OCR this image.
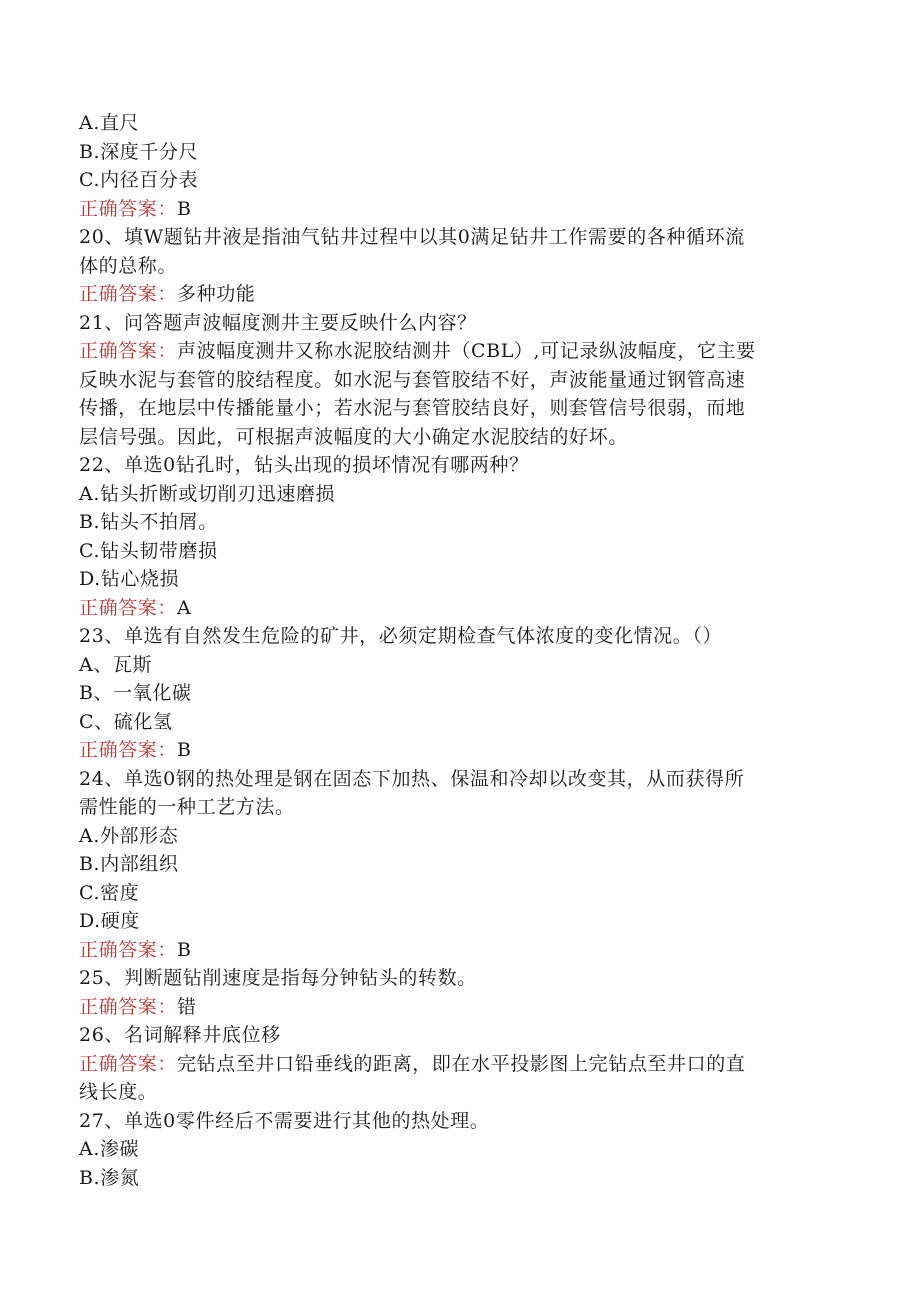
A.直尺
B.深度千分尺
C.内径百分表
正确答案：B
20、填W题钻井液是指油气钻井过程中以其0满足钻井工作需要的各种循环流
体的总称。
正确答案：多种功能
21、问答题声波幅度测井主要反映什么内容？
正确答案：声波幅度测井又称水泥胶结测井（CBL）,可记录纵波幅度，它主要
反映水泥与套管的胶结程度。如水泥与套管胶结不好，声波能量通过钢管高速
传播，在地层中传播能量小；若水泥与套管胶结良好，则套管信号很弱，而地
层信号强。因此，可根据声波幅度的大小确定水泥胶结的好坏。
22、单选0钻孔时，钻头出现的损坏情况有哪两种？
A.钻头折断或切削刃迅速磨损
B.钻头不拍屑。
C.钻头韧带磨损
D.钻心烧损
正确答案：A
23、单选有自然发生危险的矿井，必须定期检查气体浓度的变化情况。（）
A、瓦斯
B、一氧化碳
C、硫化氢
正确答案：B
24、单选0钢的热处理是钢在固态下加热、保温和冷却以改变其，从而获得所
需性能的一种工艺方法。
A.外部形态
B.内部组织
C.密度
D.硬度
正确答案：B
25、判断题钻削速度是指每分钟钻头的转数。
正确答案：错
26、名词解释井底位移
正确答案：完钻点至井口铅垂线的距离，即在水平投影图上完钻点至井口的直
线长度。
27、单选0零件经后不需要进行其他的热处理。
A.渗碳
B.渗氮
